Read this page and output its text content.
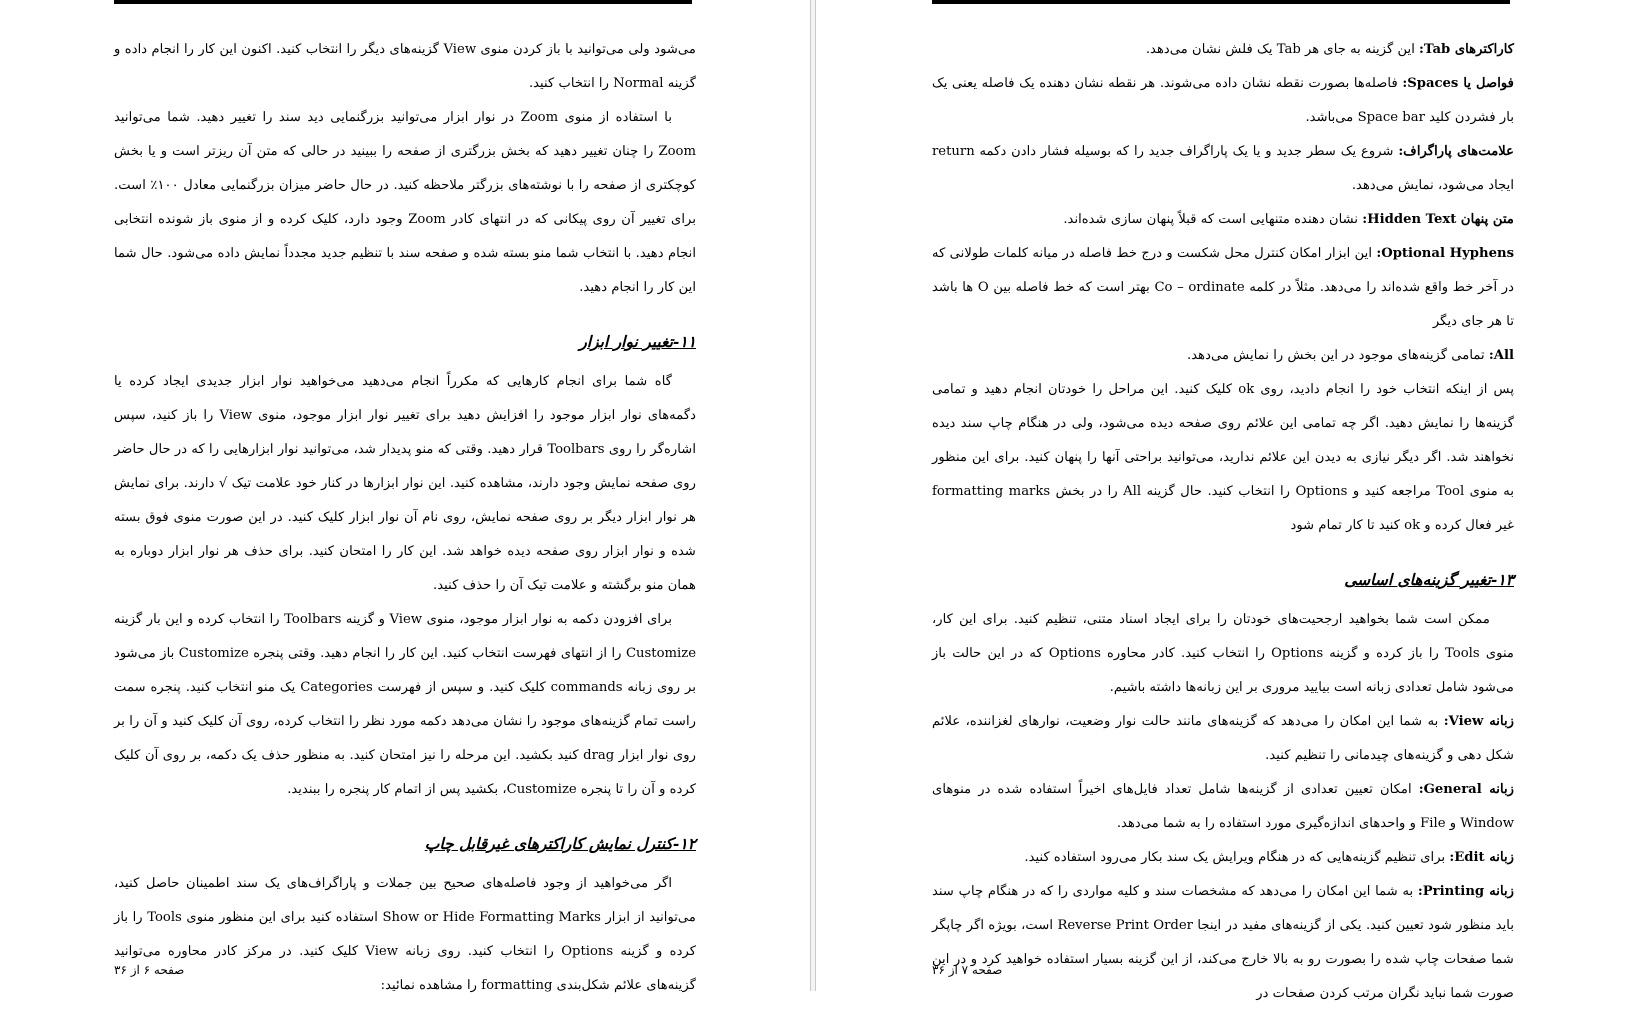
می‌شود ولی می‌توانید با باز کردن منوی View گزینه‌های دیگر را انتخاب کنید. اکنون این کار را انجام داده و گزینه Normal را انتخاب کنید.

با استفاده از منوی Zoom در نوار ابزار می‌توانید بزرگنمایی دید سند را تغییر دهید. شما می‌توانید Zoom را چنان تغییر دهید که بخش بزرگتری از صفحه را ببینید در حالی که متن آن ریزتر است و یا بخش کوچکتری از صفحه را با نوشته‌های بزرگتر ملاحظه کنید. در حال حاضر میزان بزرگنمایی معادل ۱۰۰٪ است. برای تغییر آن روی پیکانی که در انتهای کادر Zoom وجود دارد، کلیک کرده و از منوی باز شونده انتخابی انجام دهید. با انتخاب شما منو بسته شده و صفحه سند با تنظیم جدید مجدداً نمایش داده می‌شود. حال شما این کار را انجام دهید.

۱۱-تغییر نوار ابزار

گاه شما برای انجام کارهایی که مکرراً انجام می‌دهید می‌خواهید نوار ابزار جدیدی ایجاد کرده یا دگمه‌های نوار ابزار موجود را افزایش دهید برای تغییر نوار ابزار موجود، منوی View را باز کنید، سپس اشاره‌گر را روی Toolbars قرار دهید. وقتی که منو پدیدار شد، می‌توانید نوار ابزارهایی را که در حال حاضر روی صفحه نمایش وجود دارند، مشاهده کنید. این نوار ابزارها در کنار خود علامت تیک √ دارند. برای نمایش هر نوار ابزار دیگر بر روی صفحه نمایش، روی نام آن نوار ابزار کلیک کنید. در این صورت منوی فوق بسته شده و نوار ابزار روی صفحه دیده خواهد شد. این کار را امتحان کنید. برای حذف هر نوار ابزار دوباره به همان منو برگشته و علامت تیک آن را حذف کنید.

برای افزودن دکمه به نوار ابزار موجود، منوی View و گزینه Toolbars را انتخاب کرده و این بار گزینه Customize را از انتهای فهرست انتخاب کنید. این کار را انجام دهید. وقتی پنجره Customize باز می‌شود بر روی زبانه commands کلیک کنید. و سپس از فهرست Categories یک منو انتخاب کنید. پنجره سمت راست تمام گزینه‌های موجود را نشان می‌دهد دکمه مورد نظر را انتخاب کرده، روی آن کلیک کنید و آن را بر روی نوار ابزار drag کنید بکشید. این مرحله را نیز امتحان کنید. به منظور حذف یک دکمه، بر روی آن کلیک کرده و آن را تا پنجره Customize، بکشید پس از اتمام کار پنجره را ببندید.

۱۲-کنترل نمایش کاراکترهای غیرقابل چاپ

اگر می‌خواهید از وجود فاصله‌های صحیح بین جملات و پاراگراف‌های یک سند اطمینان حاصل کنید، می‌توانید از ابزار Show or Hide Formatting Marks استفاده کنید برای این منظور منوی Tools را باز کرده و گزینه Options را انتخاب کنید. روی زبانه View کلیک کنید. در مرکز کادر محاوره می‌توانید گزینه‌های علائم شکل‌بندی formatting را مشاهده نمائید:

صفحه ۶ از ۳۶

کاراکترهای Tab: این گزینه به جای هر Tab یک فلش نشان می‌دهد.

فواصل یا Spaces: فاصله‌ها بصورت نقطه نشان داده می‌شوند. هر نقطه نشان دهنده یک فاصله یعنی یک بار فشردن کلید Space bar می‌باشد.

علامت‌های پاراگراف: شروع یک سطر جدید و یا یک پاراگراف جدید را که بوسیله فشار دادن دکمه return ایجاد می‌شود، نمایش می‌دهد.

متن پنهان Hidden Text: نشان دهنده متنهایی است که قبلاً پنهان سازی شده‌اند.

Optional Hyphens: این ابزار امکان کنترل محل شکست و درج خط فاصله در میانه کلمات طولانی که در آخر خط واقع شده‌اند را می‌دهد. مثلاً در کلمه Co – ordinate بهتر است که خط فاصله بین O ها باشد تا هر جای دیگر

All: تمامی گزینه‌های موجود در این بخش را نمایش می‌دهد.

پس از اینکه انتخاب خود را انجام دادید، روی ok کلیک کنید. این مراحل را خودتان انجام دهید و تمامی گزینه‌ها را نمایش دهید. اگر چه تمامی این علائم روی صفحه دیده می‌شود، ولی در هنگام چاپ سند دیده نخواهند شد. اگر دیگر نیازی به دیدن این علائم ندارید، می‌توانید براحتی آنها را پنهان کنید. برای این منظور به منوی Tool مراجعه کنید و Options را انتخاب کنید. حال گزینه All را در بخش formatting marks غیر فعال کرده و ok کنید تا کار تمام شود

۱۳-تغییر گزینه‌های اساسی

ممکن است شما بخواهید ارجحیت‌های خودتان را برای ایجاد اسناد متنی، تنظیم کنید. برای این کار، منوی Tools را باز کرده و گزینه Options را انتخاب کنید. کادر محاوره Options که در این حالت باز می‌شود شامل تعدادی زبانه است بیایید مروری بر این زبانه‌ها داشته باشیم.

زبانه View: به شما این امکان را می‌دهد که گزینه‌های مانند حالت نوار وضعیت، نوارهای لغزاننده، علائم شکل دهی و گزینه‌های چیدمانی را تنظیم کنید.

زبانه General: امکان تعیین تعدادی از گزینه‌ها شامل تعداد فایل‌های اخیراً استفاده شده در منوهای Window و File و واحدهای اندازه‌گیری مورد استفاده را به شما می‌دهد.

زبانه Edit: برای تنظیم گزینه‌هایی که در هنگام ویرایش یک سند بکار می‌رود استفاده کنید.

زبانه Printing: به شما این امکان را می‌دهد که مشخصات سند و کلیه مواردی را که در هنگام چاپ سند باید منظور شود تعیین کنید. یکی از گزینه‌های مفید در اینجا Reverse Print Order است، بویژه اگر چاپگر شما صفحات چاپ شده را بصورت رو به بالا خارج می‌کند، از این گزینه بسیار استفاده خواهید کرد و در این صورت شما نباید نگران مرتب کردن صفحات در

صفحه ۷ از ۳۶
